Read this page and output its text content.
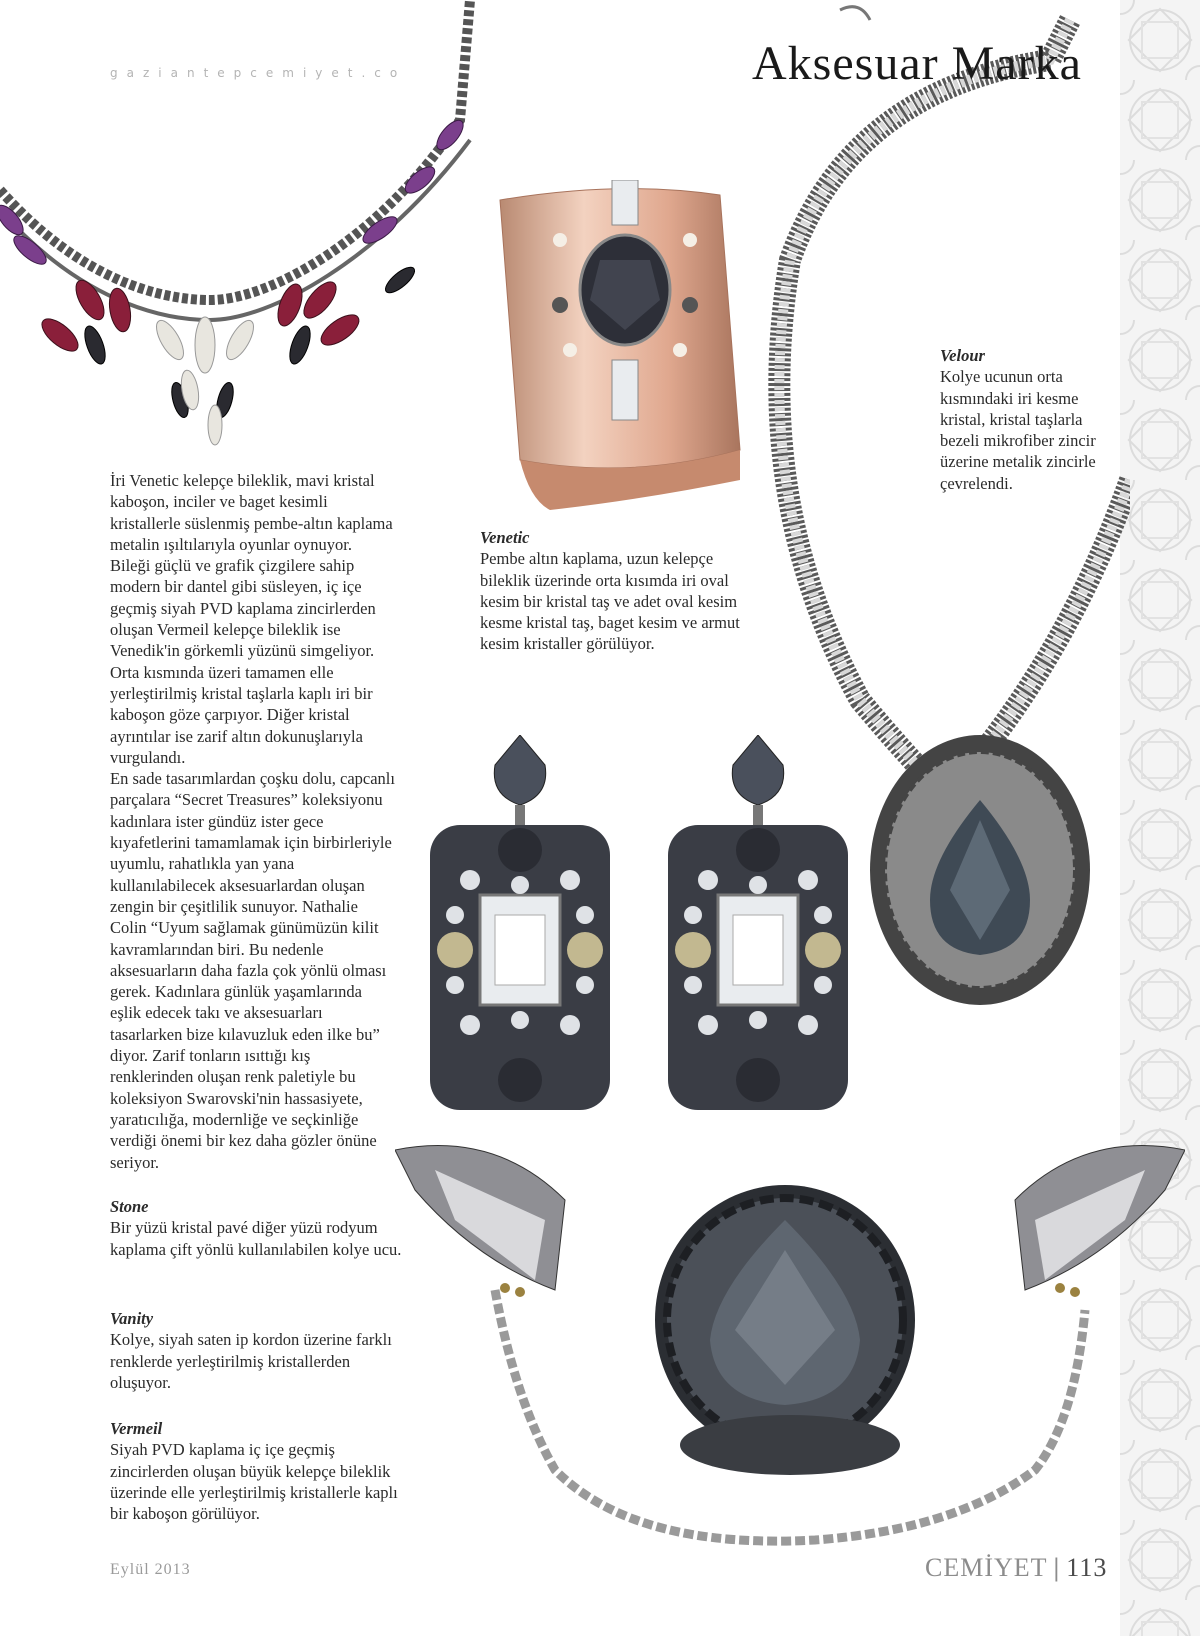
gaziantepcemiyet.co	Aksesuar Marka

İri Venetic kelepçe bileklik, mavi kristal kaboşon, inciler ve baget kesimli kristallerle süslenmiş pembe-altın kaplama metalin ışıltılarıyla oyunlar oynuyor. Bileği güçlü ve grafik çizgilere sahip modern bir dantel gibi süsleyen, iç içe geçmiş siyah PVD kaplama zincirlerden oluşan Vermeil kelepçe bileklik ise Venedik'in görkemli yüzünü simgeliyor. Orta kısmında üzeri tamamen elle yerleştirilmiş kristal taşlarla kaplı iri bir kaboşon göze çarpıyor. Diğer kristal ayrıntılar ise zarif altın dokunuşlarıyla vurgulandı.

En sade tasarımlardan çoşku dolu, capcanlı parçalara “Secret Treasures” koleksiyonu kadınlara ister gündüz ister gece kıyafetlerini tamamlamak için birbirleriyle uyumlu, rahatlıkla yan yana kullanılabilecek aksesuarlardan oluşan zengin bir çeşitlilik sunuyor. Nathalie Colin “Uyum sağlamak günümüzün kilit kavramlarından biri. Bu nedenle aksesuarların daha fazla çok yönlü olması gerek. Kadınlara günlük yaşamlarında eşlik edecek takı ve aksesuarları tasarlarken bize kılavuzluk eden ilke bu” diyor. Zarif tonların ısıttığı kış renklerinden oluşan renk paletiyle bu koleksiyon Swarovski'nin hassasiyete, yaratıcılığa, modernliğe ve seçkinliğe verdiği önemi bir kez daha gözler önüne seriyor.

Venetic
Pembe altın kaplama, uzun kelepçe bileklik üzerinde orta kısımda iri oval kesim bir kristal taş ve adet oval kesim kesme kristal taş, baget kesim ve armut kesim kristaller görülüyor.
Velour
Kolye ucunun orta kısmındaki iri kesme kristal, kristal taşlarla bezeli mikrofiber zincir üzerine metalik zincirle çevrelendi.
Stone
Bir yüzü kristal pavé diğer yüzü rodyum kaplama çift yönlü kullanılabilen kolye ucu.
Vanity
Kolye, siyah saten ip kordon üzerine farklı renklerde yerleştirilmiş kristallerden oluşuyor.
Vermeil
Siyah PVD kaplama iç içe geçmiş zincirlerden oluşan büyük kelepçe bileklik üzerinde elle yerleştirilmiş kristallerle kaplı bir kaboşon görülüyor.
Eylül 2013	CEMİYET | 113
